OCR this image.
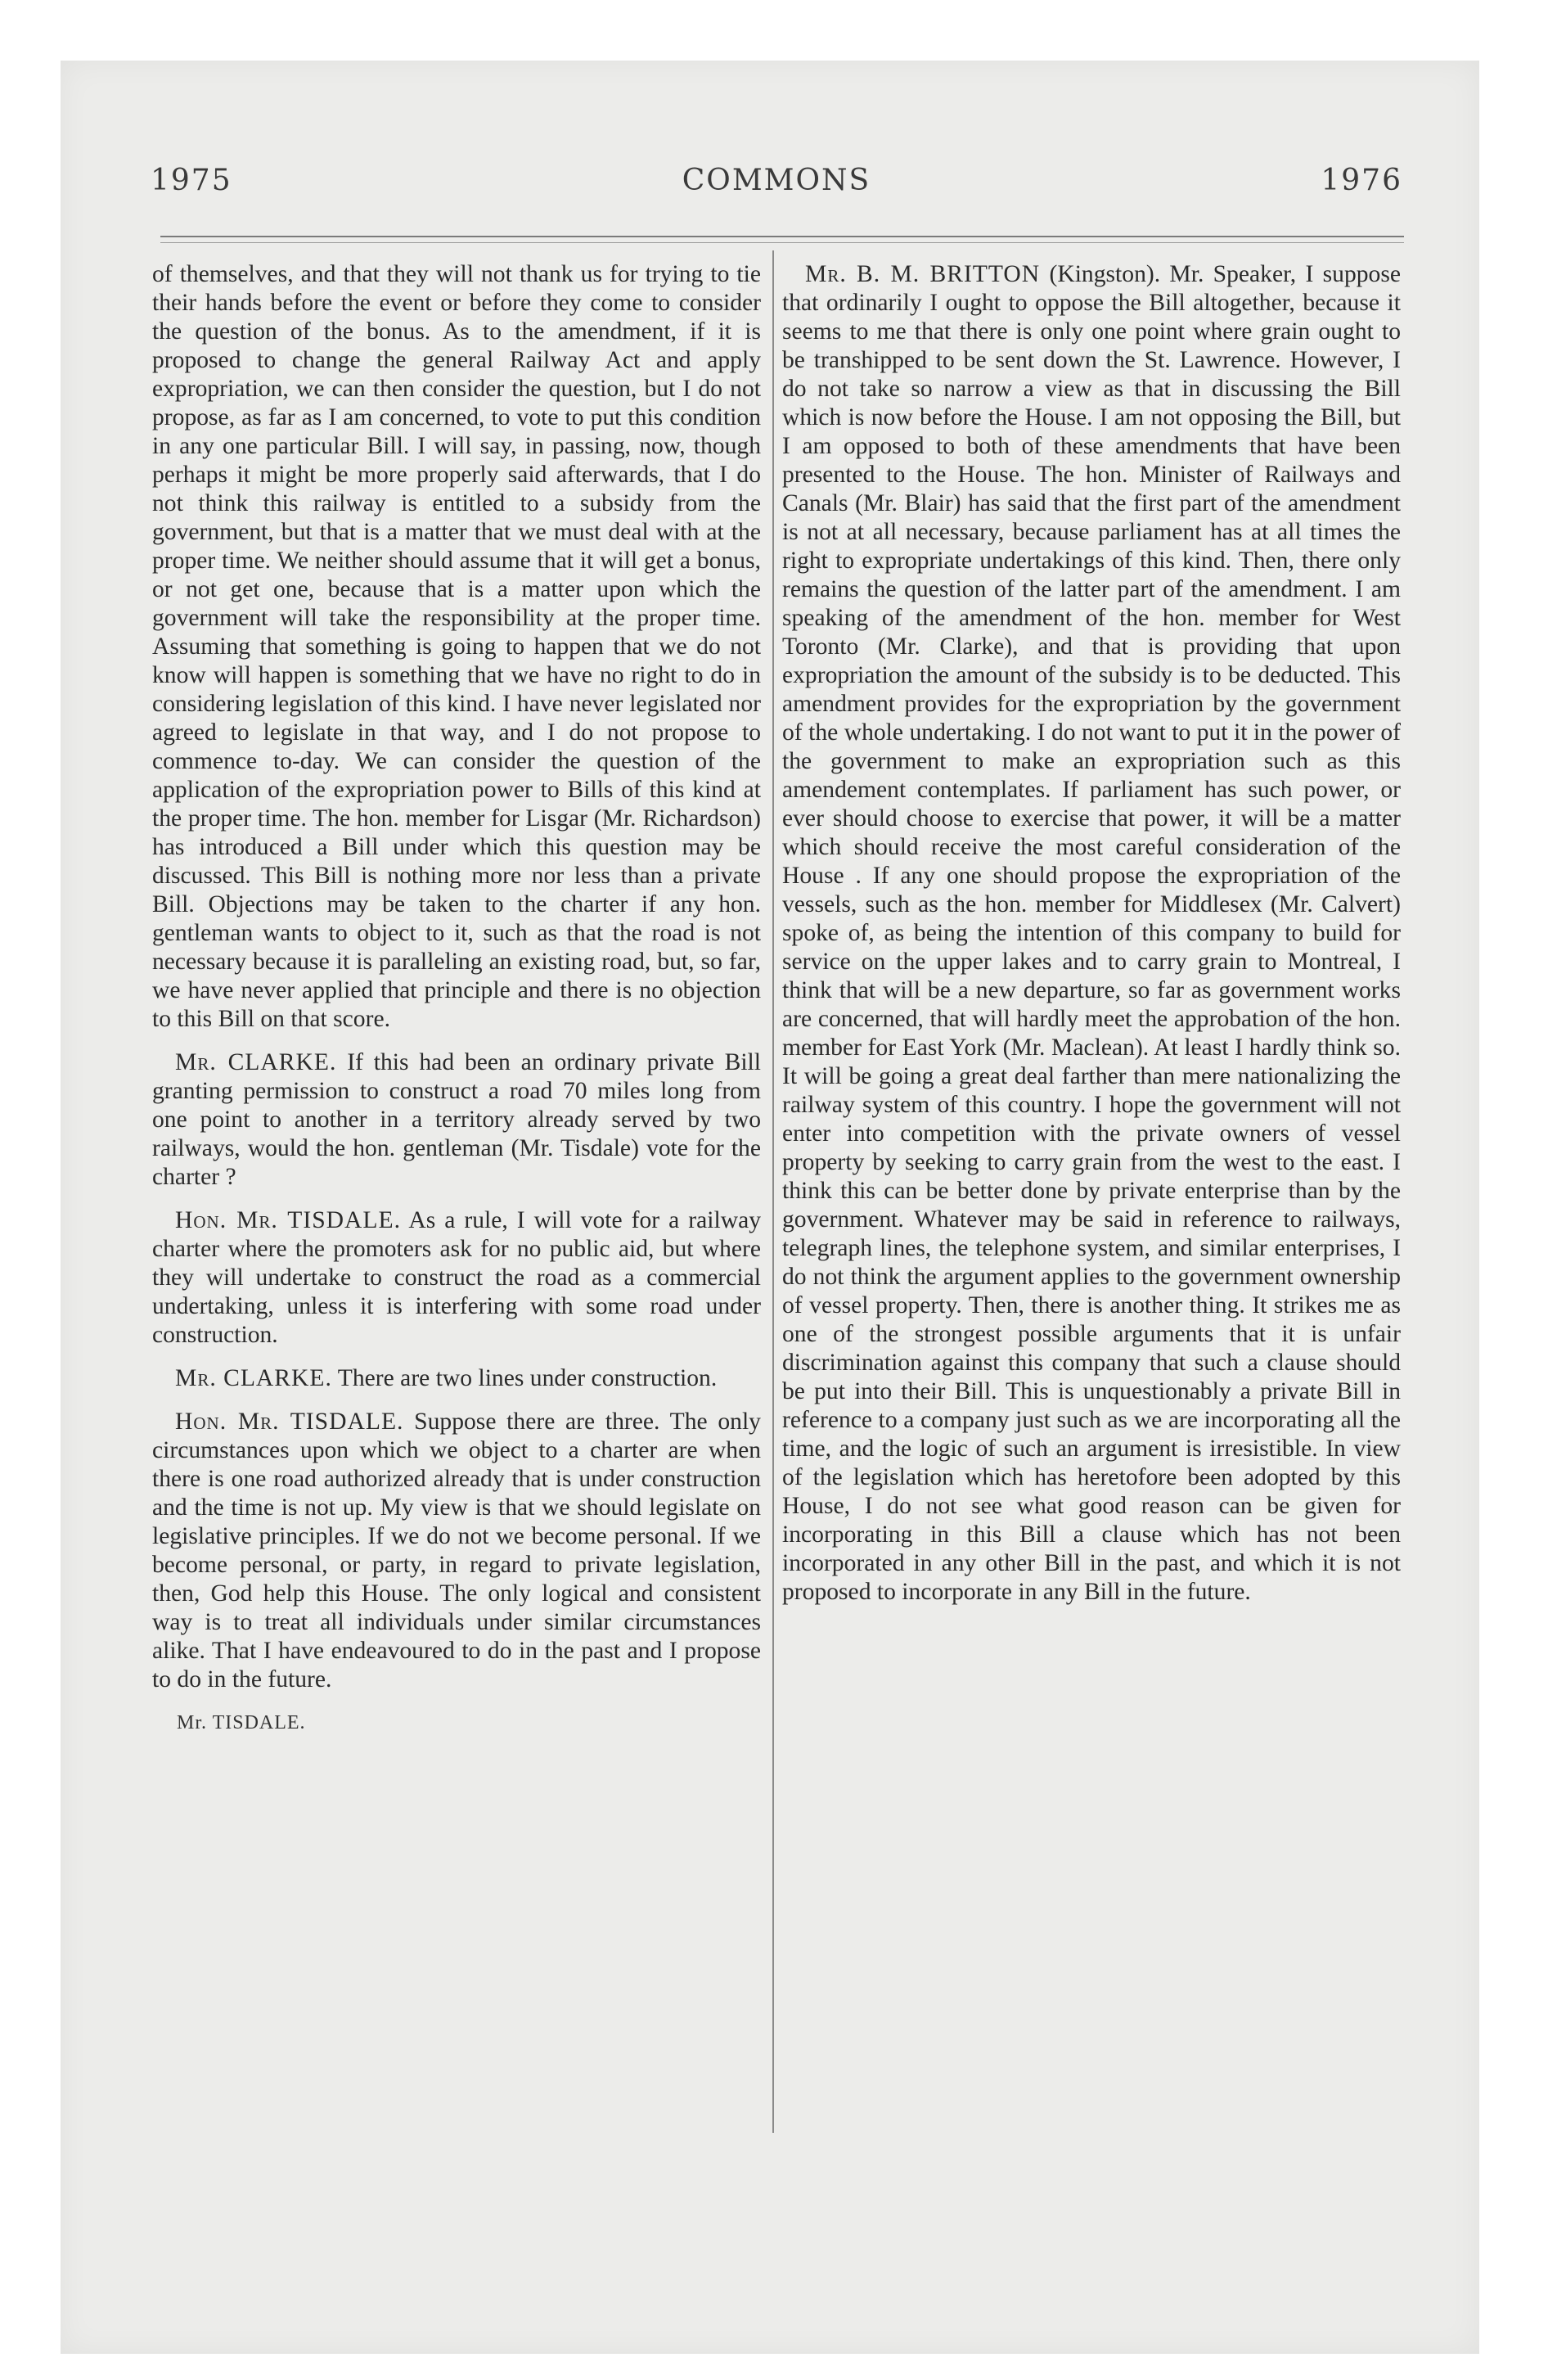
1975	COMMONS	1976

of themselves, and that they will not thank us for trying to tie their hands before the event or before they come to consider the question of the bonus. As to the amendment, if it is proposed to change the general Railway Act and apply expropriation, we can then consider the question, but I do not propose, as far as I am concerned, to vote to put this condition in any one particular Bill. I will say, in passing, now, though perhaps it might be more properly said afterwards, that I do not think this railway is entitled to a subsidy from the government, but that is a matter that we must deal with at the proper time. We neither should assume that it will get a bonus, or not get one, because that is a matter upon which the government will take the responsibility at the proper time. Assuming that something is going to happen that we do not know will happen is something that we have no right to do in considering legislation of this kind. I have never legislated nor agreed to legislate in that way, and I do not propose to commence to-day. We can consider the question of the application of the expropriation power to Bills of this kind at the proper time. The hon. member for Lisgar (Mr. Richardson) has introduced a Bill under which this question may be discussed. This Bill is nothing more nor less than a private Bill. Objections may be taken to the charter if any hon. gentleman wants to object to it, such as that the road is not necessary because it is paralleling an existing road, but, so far, we have never applied that principle and there is no objection to this Bill on that score.

Mr. CLARKE. If this had been an ordinary private Bill granting permission to construct a road 70 miles long from one point to another in a territory already served by two railways, would the hon. gentleman (Mr. Tisdale) vote for the charter ?

Hon. Mr. TISDALE. As a rule, I will vote for a railway charter where the promoters ask for no public aid, but where they will undertake to construct the road as a commercial undertaking, unless it is interfering with some road under construction.

Mr. CLARKE. There are two lines under construction.

Hon. Mr. TISDALE. Suppose there are three. The only circumstances upon which we object to a charter are when there is one road authorized already that is under construction and the time is not up. My view is that we should legislate on legislative principles. If we do not we become personal. If we become personal, or party, in regard to private legislation, then, God help this House. The only logical and consistent way is to treat all individuals under similar circumstances alike. That I have endeavoured to do in the past and I propose to do in the future.

Mr. TISDALE.

Mr. B. M. BRITTON (Kingston). Mr. Speaker, I suppose that ordinarily I ought to oppose the Bill altogether, because it seems to me that there is only one point where grain ought to be transhipped to be sent down the St. Lawrence. However, I do not take so narrow a view as that in discussing the Bill which is now before the House. I am not opposing the Bill, but I am opposed to both of these amendments that have been presented to the House. The hon. Minister of Railways and Canals (Mr. Blair) has said that the first part of the amendment is not at all necessary, because parliament has at all times the right to expropriate undertakings of this kind. Then, there only remains the question of the latter part of the amendment. I am speaking of the amendment of the hon. member for West Toronto (Mr. Clarke), and that is providing that upon expropriation the amount of the subsidy is to be deducted. This amendment provides for the expropriation by the government of the whole undertaking. I do not want to put it in the power of the government to make an expropriation such as this amendement contemplates. If parliament has such power, or ever should choose to exercise that power, it will be a matter which should receive the most careful consideration of the House . If any one should propose the expropriation of the vessels, such as the hon. member for Middlesex (Mr. Calvert) spoke of, as being the intention of this company to build for service on the upper lakes and to carry grain to Montreal, I think that will be a new departure, so far as government works are concerned, that will hardly meet the approbation of the hon. member for East York (Mr. Maclean). At least I hardly think so. It will be going a great deal farther than mere nationalizing the railway system of this country. I hope the government will not enter into competition with the private owners of vessel property by seeking to carry grain from the west to the east. I think this can be better done by private enterprise than by the government. Whatever may be said in reference to railways, telegraph lines, the telephone system, and similar enterprises, I do not think the argument applies to the government ownership of vessel property. Then, there is another thing. It strikes me as one of the strongest possible arguments that it is unfair discrimination against this company that such a clause should be put into their Bill. This is unquestionably a private Bill in reference to a company just such as we are incorporating all the time, and the logic of such an argument is irresistible. In view of the legislation which has heretofore been adopted by this House, I do not see what good reason can be given for incorporating in this Bill a clause which has not been incorporated in any other Bill in the past, and which it is not proposed to incorporate in any Bill in the future.
